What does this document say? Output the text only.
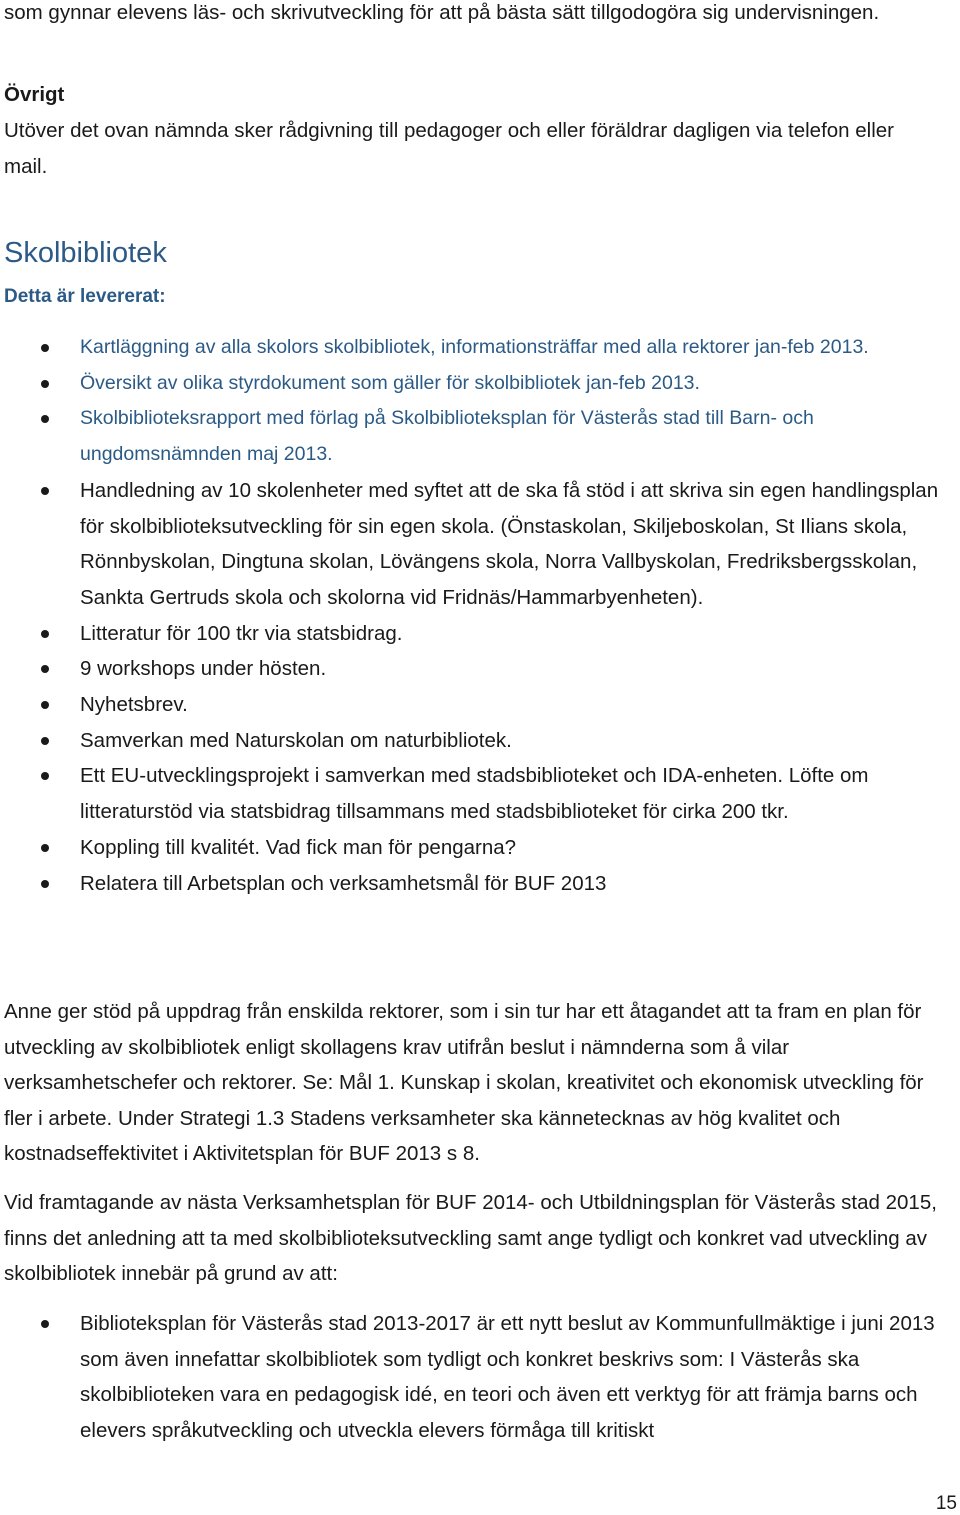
som gynnar elevens läs- och skrivutveckling för att på bästa sätt tillgodogöra sig undervisningen.

Övrigt

Utöver det ovan nämnda sker rådgivning till pedagoger och eller föräldrar dagligen via telefon eller mail.

Skolbibliotek
Detta är levererat:
Kartläggning av alla skolors skolbibliotek, informationsträffar med alla rektorer jan-feb 2013.
Översikt av olika styrdokument som gäller för skolbibliotek jan-feb 2013.
Skolbiblioteksrapport med förlag på Skolbiblioteksplan för Västerås stad till Barn- och ungdomsnämnden maj 2013.
Handledning av 10 skolenheter med syftet att de ska få stöd i att skriva sin egen handlingsplan för skolbiblioteksutveckling för sin egen skola. (Önstaskolan, Skiljeboskolan, St Ilians skola, Rönnbyskolan, Dingtuna skolan, Lövängens skola, Norra Vallbyskolan, Fredriksbergsskolan, Sankta Gertruds skola och skolorna vid Fridnäs/Hammarbyenheten).
Litteratur för 100 tkr via statsbidrag.
9 workshops under hösten.
Nyhetsbrev.
Samverkan med Naturskolan om naturbibliotek.
Ett EU-utvecklingsprojekt i samverkan med stadsbiblioteket och IDA-enheten. Löfte om litteraturstöd via statsbidrag tillsammans med stadsbiblioteket för cirka 200 tkr.
Koppling till kvalitét. Vad fick man för pengarna?
Relatera till Arbetsplan och verksamhetsmål för BUF 2013

Anne ger stöd på uppdrag från enskilda rektorer, som i sin tur har ett åtagandet att ta fram en plan för utveckling av skolbibliotek enligt skollagens krav utifrån beslut i nämnderna som å vilar verksamhetschefer och rektorer. Se: Mål 1. Kunskap i skolan, kreativitet och ekonomisk utveckling för fler i arbete. Under Strategi 1.3 Stadens verksamheter ska kännetecknas av hög kvalitet och kostnadseffektivitet i Aktivitetsplan för BUF 2013 s 8.

Vid framtagande av nästa Verksamhetsplan för BUF 2014- och Utbildningsplan för Västerås stad 2015, finns det anledning att ta med skolbiblioteksutveckling samt ange tydligt och konkret vad utveckling av skolbibliotek innebär på grund av att:

Biblioteksplan för Västerås stad 2013-2017 är ett nytt beslut av Kommunfullmäktige i juni 2013 som även innefattar skolbibliotek som tydligt och konkret beskrivs som: I Västerås ska skolbiblioteken vara en pedagogisk idé, en teori och även ett verktyg för att främja barns och elevers språkutveckling och utveckla elevers förmåga till kritiskt

15
